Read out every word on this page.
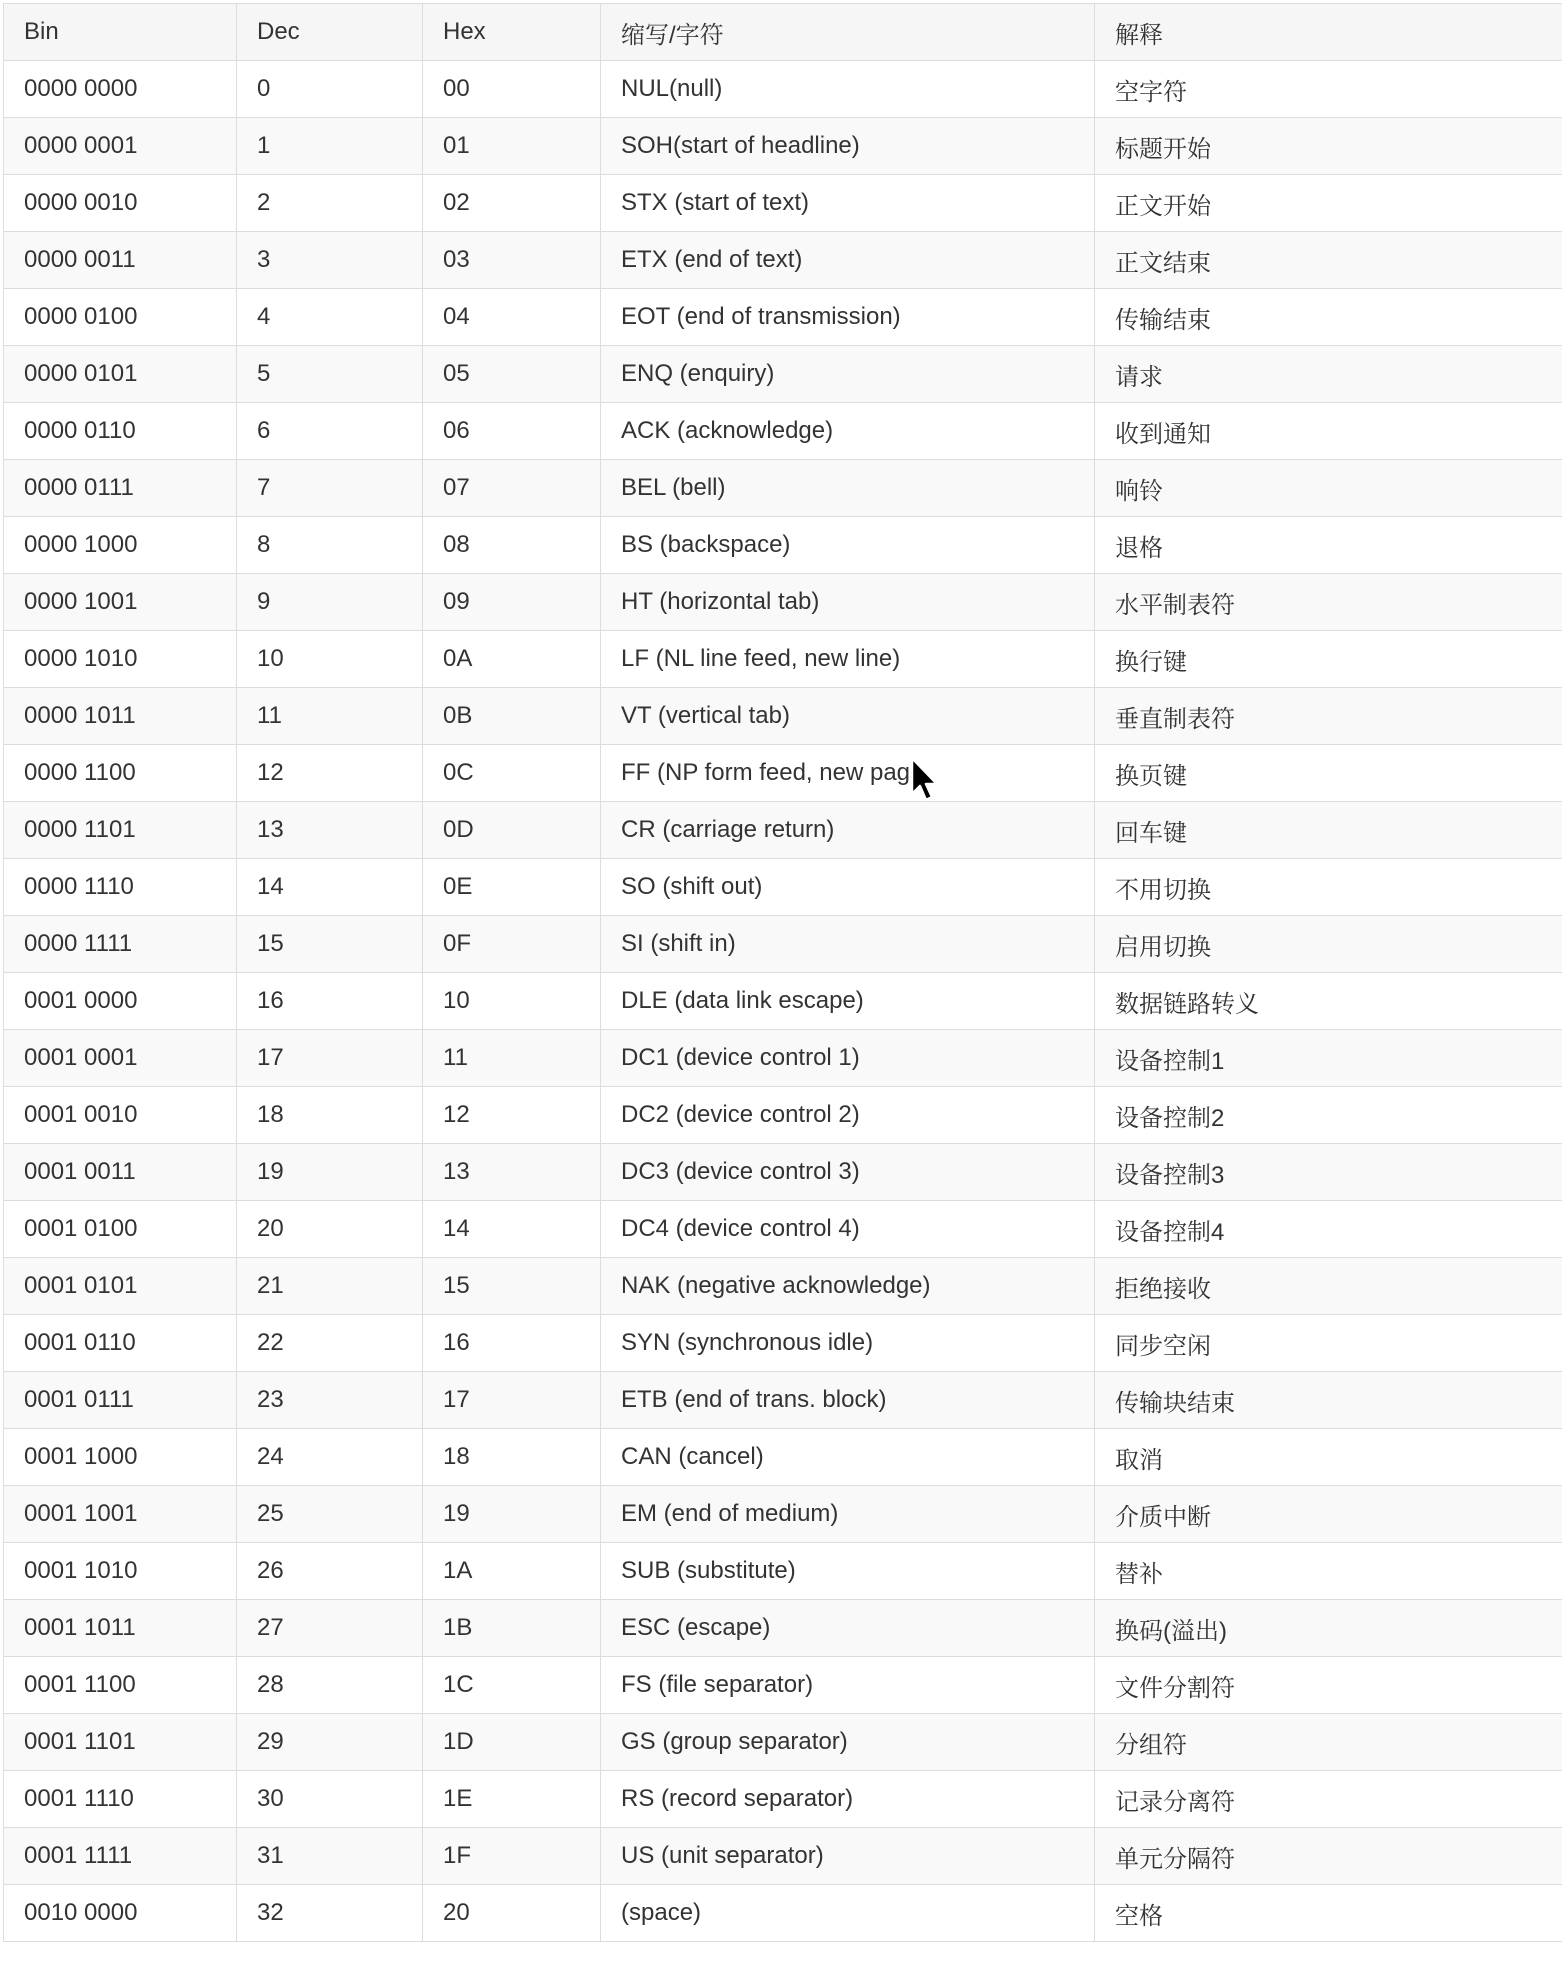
Bin	Dec	Hex	缩写/字符	解释
0000 0000	0	00	NUL(null)	空字符
0000 0001	1	01	SOH(start of headline)	标题开始
0000 0010	2	02	STX (start of text)	正文开始
0000 0011	3	03	ETX (end of text)	正文结束
0000 0100	4	04	EOT (end of transmission)	传输结束
0000 0101	5	05	ENQ (enquiry)	请求
0000 0110	6	06	ACK (acknowledge)	收到通知
0000 0111	7	07	BEL (bell)	响铃
0000 1000	8	08	BS (backspace)	退格
0000 1001	9	09	HT (horizontal tab)	水平制表符
0000 1010	10	0A	LF (NL line feed, new line)	换行键
0000 1011	11	0B	VT (vertical tab)	垂直制表符
0000 1100	12	0C	FF (NP form feed, new pag	换页键
0000 1101	13	0D	CR (carriage return)	回车键
0000 1110	14	0E	SO (shift out)	不用切换
0000 1111	15	0F	SI (shift in)	启用切换
0001 0000	16	10	DLE (data link escape)	数据链路转义
0001 0001	17	11	DC1 (device control 1)	设备控制1
0001 0010	18	12	DC2 (device control 2)	设备控制2
0001 0011	19	13	DC3 (device control 3)	设备控制3
0001 0100	20	14	DC4 (device control 4)	设备控制4
0001 0101	21	15	NAK (negative acknowledge)	拒绝接收
0001 0110	22	16	SYN (synchronous idle)	同步空闲
0001 0111	23	17	ETB (end of trans. block)	传输块结束
0001 1000	24	18	CAN (cancel)	取消
0001 1001	25	19	EM (end of medium)	介质中断
0001 1010	26	1A	SUB (substitute)	替补
0001 1011	27	1B	ESC (escape)	换码(溢出)
0001 1100	28	1C	FS (file separator)	文件分割符
0001 1101	29	1D	GS (group separator)	分组符
0001 1110	30	1E	RS (record separator)	记录分离符
0001 1111	31	1F	US (unit separator)	单元分隔符
0010 0000	32	20	(space)	空格
